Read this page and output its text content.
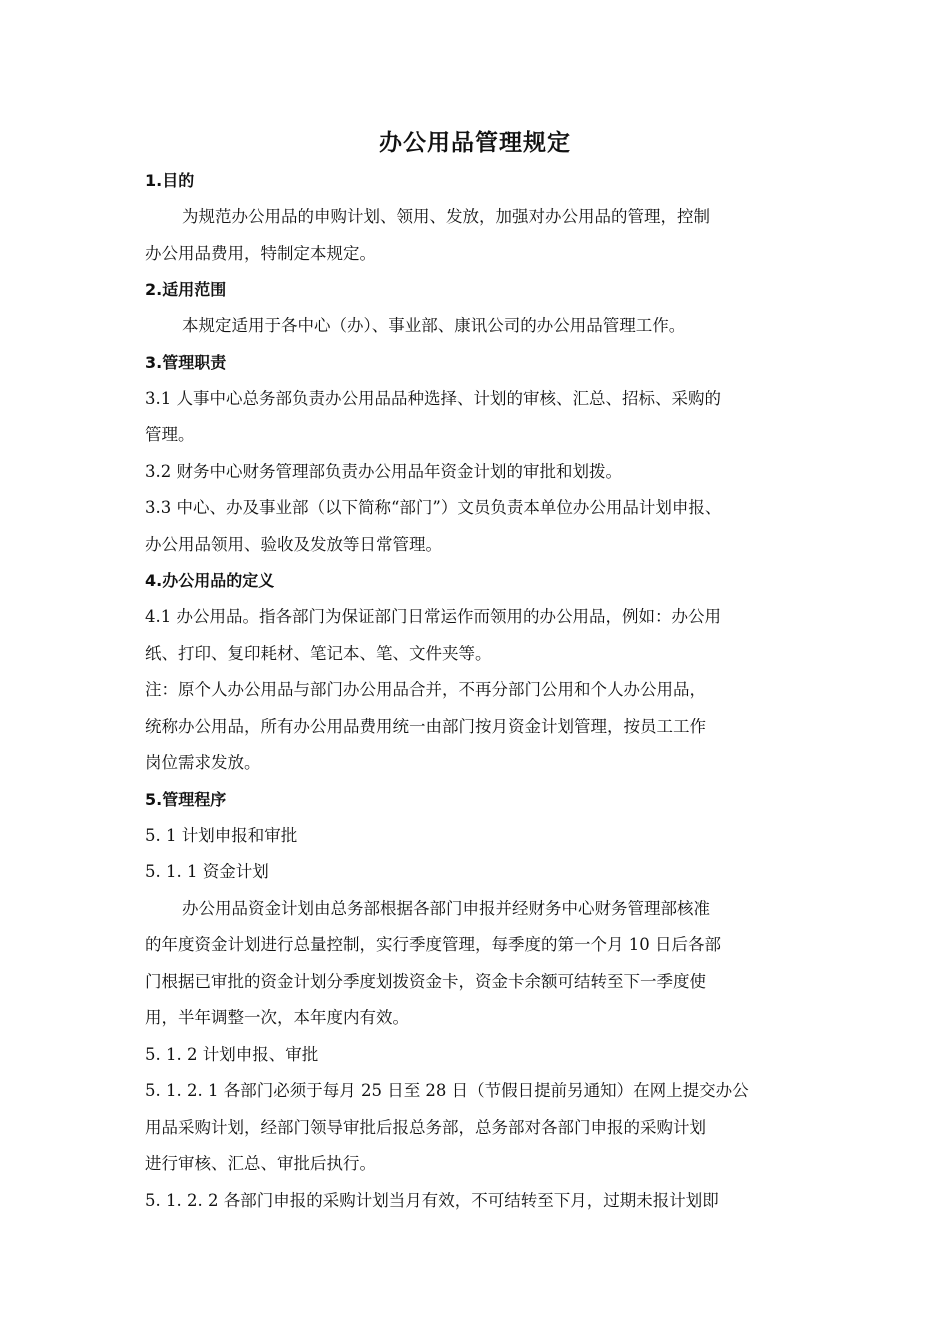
办公用品管理规定
1.目的
为规范办公用品的申购计划、领用、发放，加强对办公用品的管理，控制
办公用品费用，特制定本规定。
2.适用范围
本规定适用于各中心（办）、事业部、康讯公司的办公用品管理工作。
3.管理职责
3.1 人事中心总务部负责办公用品品种选择、计划的审核、汇总、招标、采购的
管理。
3.2 财务中心财务管理部负责办公用品年资金计划的审批和划拨。
3.3 中心、办及事业部（以下简称“部门”）文员负责本单位办公用品计划申报、
办公用品领用、验收及发放等日常管理。
4.办公用品的定义
4.1 办公用品。指各部门为保证部门日常运作而领用的办公用品，例如：办公用
纸、打印、复印耗材、笔记本、笔、文件夹等。
注：原个人办公用品与部门办公用品合并，不再分部门公用和个人办公用品，
统称办公用品，所有办公用品费用统一由部门按月资金计划管理，按员工工作
岗位需求发放。
5.管理程序
5. 1 计划申报和审批
5. 1. 1 资金计划
办公用品资金计划由总务部根据各部门申报并经财务中心财务管理部核准
的年度资金计划进行总量控制，实行季度管理，每季度的第一个月 10 日后各部
门根据已审批的资金计划分季度划拨资金卡，资金卡余额可结转至下一季度使
用，半年调整一次，本年度内有效。
5. 1. 2 计划申报、审批
5. 1. 2. 1 各部门必须于每月 25 日至 28 日（节假日提前另通知）在网上提交办公
用品采购计划，经部门领导审批后报总务部，总务部对各部门申报的采购计划
进行审核、汇总、审批后执行。
5. 1. 2. 2 各部门申报的采购计划当月有效，不可结转至下月，过期未报计划即
